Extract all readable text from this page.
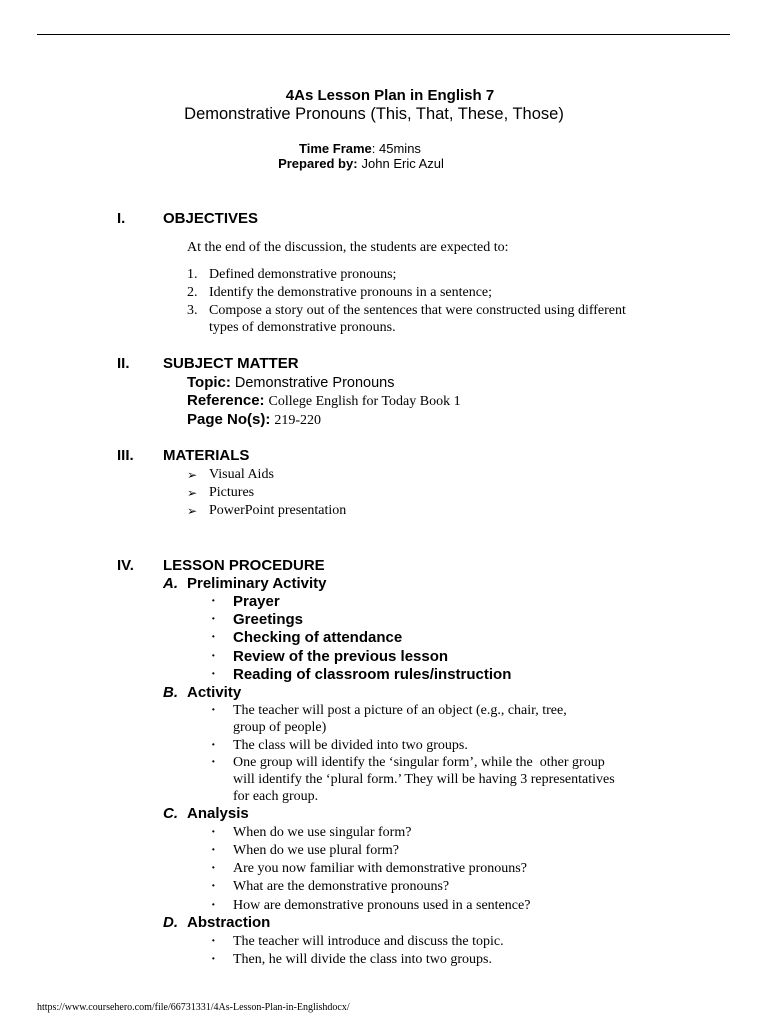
4As Lesson Plan in English 7
Demonstrative Pronouns (This, That, These, Those)
Time Frame: 45mins
Prepared by: John Eric Azul
I.	OBJECTIVES
At the end of the discussion, the students are expected to:
1. Defined demonstrative pronouns;
2. Identify the demonstrative pronouns in a sentence;
3. Compose a story out of the sentences that were constructed using different
types of demonstrative pronouns.
II. SUBJECT MATTER
Topic: Demonstrative Pronouns
Reference: College English for Today Book 1
Page No(s): 219-220
III. MATERIALS
➢ Visual Aids
➢ Pictures
➢ PowerPoint presentation
IV. LESSON PROCEDURE
A. Preliminary Activity
· Prayer
· Greetings
· Checking of attendance
· Review of the previous lesson
· Reading of classroom rules/instruction
B. Activity
· The teacher will post a picture of an object (e.g., chair, tree,
group of people)
· The class will be divided into two groups.
· One group will identify the ‘singular form’, while the  other group
will identify the ‘plural form.’ They will be having 3 representatives
for each group.
C. Analysis
· When do we use singular form?
· When do we use plural form?
· Are you now familiar with demonstrative pronouns?
· What are the demonstrative pronouns?
· How are demonstrative pronouns used in a sentence?
D. Abstraction
· The teacher will introduce and discuss the topic.
· Then, he will divide the class into two groups.
https://www.coursehero.com/file/66731331/4As-Lesson-Plan-in-Englishdocx/
